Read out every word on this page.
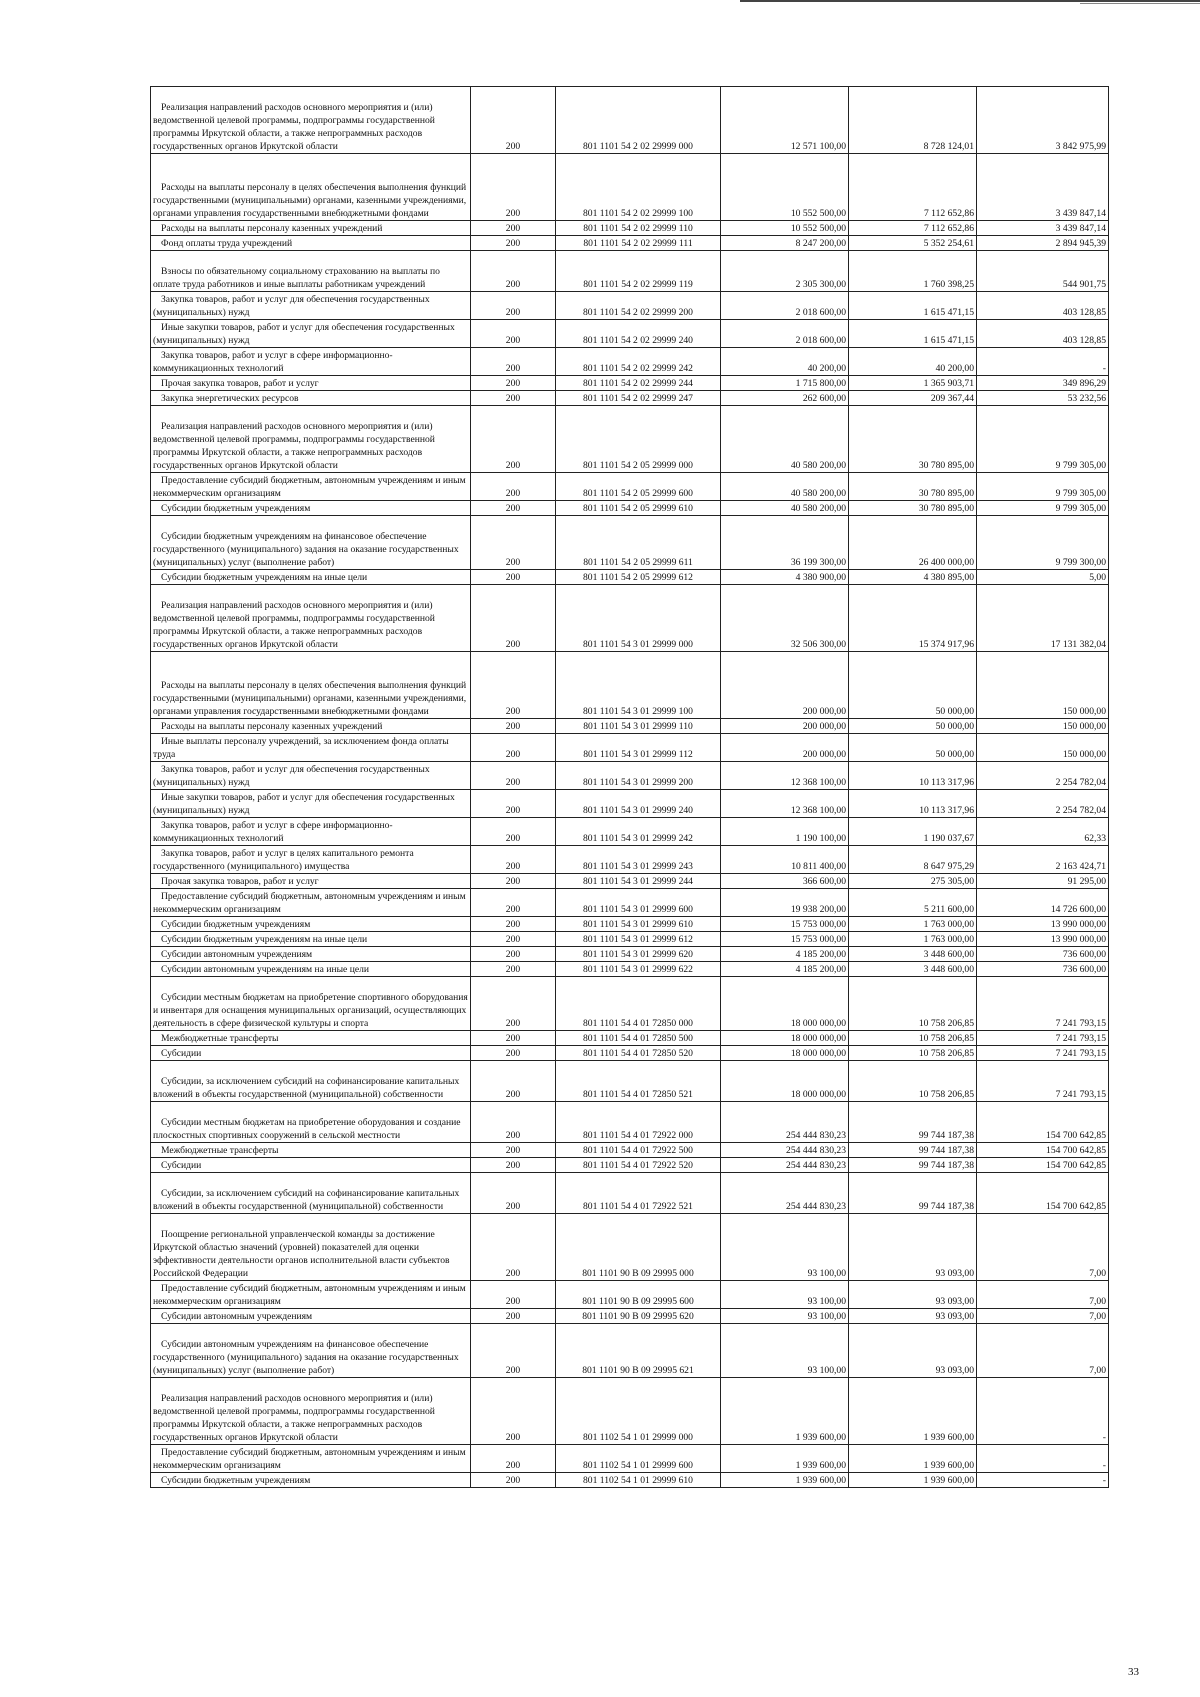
Реализация направлений расходов основного мероприятия и (или) ведомственной целевой программы, подпрограммы государственной программы Иркутской области, а также непрограммных расходов государственных органов Иркутской области	200	801 1101 54 2 02 29999 000	12 571 100,00	8 728 124,01	3 842 975,99
Расходы на выплаты персоналу в целях обеспечения выполнения функций государственными (муниципальными) органами, казенными учреждениями, органами управления государственными внебюджетными фондами	200	801 1101 54 2 02 29999 100	10 552 500,00	7 112 652,86	3 439 847,14
Расходы на выплаты персоналу казенных учреждений	200	801 1101 54 2 02 29999 110	10 552 500,00	7 112 652,86	3 439 847,14
Фонд оплаты труда учреждений	200	801 1101 54 2 02 29999 111	8 247 200,00	5 352 254,61	2 894 945,39
Взносы по обязательному социальному страхованию на выплаты по оплате труда работников и иные выплаты работникам учреждений	200	801 1101 54 2 02 29999 119	2 305 300,00	1 760 398,25	544 901,75
Закупка товаров, работ и услуг для обеспечения государственных (муниципальных) нужд	200	801 1101 54 2 02 29999 200	2 018 600,00	1 615 471,15	403 128,85
Иные закупки товаров, работ и услуг для обеспечения государственных (муниципальных) нужд	200	801 1101 54 2 02 29999 240	2 018 600,00	1 615 471,15	403 128,85
Закупка товаров, работ и услуг в сфере информационно-коммуникационных технологий	200	801 1101 54 2 02 29999 242	40 200,00	40 200,00	-
Прочая закупка товаров, работ и услуг	200	801 1101 54 2 02 29999 244	1 715 800,00	1 365 903,71	349 896,29
Закупка энергетических ресурсов	200	801 1101 54 2 02 29999 247	262 600,00	209 367,44	53 232,56
Реализация направлений расходов основного мероприятия и (или) ведомственной целевой программы, подпрограммы государственной программы Иркутской области, а также непрограммных расходов государственных органов Иркутской области	200	801 1101 54 2 05 29999 000	40 580 200,00	30 780 895,00	9 799 305,00
Предоставление субсидий бюджетным, автономным учреждениям и иным некоммерческим организациям	200	801 1101 54 2 05 29999 600	40 580 200,00	30 780 895,00	9 799 305,00
Субсидии бюджетным учреждениям	200	801 1101 54 2 05 29999 610	40 580 200,00	30 780 895,00	9 799 305,00
Субсидии бюджетным учреждениям на финансовое обеспечение государственного (муниципального) задания на оказание государственных (муниципальных) услуг (выполнение работ)	200	801 1101 54 2 05 29999 611	36 199 300,00	26 400 000,00	9 799 300,00
Субсидии бюджетным учреждениям на иные цели	200	801 1101 54 2 05 29999 612	4 380 900,00	4 380 895,00	5,00
Реализация направлений расходов основного мероприятия и (или) ведомственной целевой программы, подпрограммы государственной программы Иркутской области, а также непрограммных расходов государственных органов Иркутской области	200	801 1101 54 3 01 29999 000	32 506 300,00	15 374 917,96	17 131 382,04
Расходы на выплаты персоналу в целях обеспечения выполнения функций государственными (муниципальными) органами, казенными учреждениями, органами управления государственными внебюджетными фондами	200	801 1101 54 3 01 29999 100	200 000,00	50 000,00	150 000,00
Расходы на выплаты персоналу казенных учреждений	200	801 1101 54 3 01 29999 110	200 000,00	50 000,00	150 000,00
Иные выплаты персоналу учреждений, за исключением фонда оплаты труда	200	801 1101 54 3 01 29999 112	200 000,00	50 000,00	150 000,00
Закупка товаров, работ и услуг для обеспечения государственных (муниципальных) нужд	200	801 1101 54 3 01 29999 200	12 368 100,00	10 113 317,96	2 254 782,04
Иные закупки товаров, работ и услуг для обеспечения государственных (муниципальных) нужд	200	801 1101 54 3 01 29999 240	12 368 100,00	10 113 317,96	2 254 782,04
Закупка товаров, работ и услуг в сфере информационно-коммуникационных технологий	200	801 1101 54 3 01 29999 242	1 190 100,00	1 190 037,67	62,33
Закупка товаров, работ и услуг в целях капитального ремонта государственного (муниципального) имущества	200	801 1101 54 3 01 29999 243	10 811 400,00	8 647 975,29	2 163 424,71
Прочая закупка товаров, работ и услуг	200	801 1101 54 3 01 29999 244	366 600,00	275 305,00	91 295,00
Предоставление субсидий бюджетным, автономным учреждениям и иным некоммерческим организациям	200	801 1101 54 3 01 29999 600	19 938 200,00	5 211 600,00	14 726 600,00
Субсидии бюджетным учреждениям	200	801 1101 54 3 01 29999 610	15 753 000,00	1 763 000,00	13 990 000,00
Субсидии бюджетным учреждениям на иные цели	200	801 1101 54 3 01 29999 612	15 753 000,00	1 763 000,00	13 990 000,00
Субсидии автономным учреждениям	200	801 1101 54 3 01 29999 620	4 185 200,00	3 448 600,00	736 600,00
Субсидии автономным учреждениям на иные цели	200	801 1101 54 3 01 29999 622	4 185 200,00	3 448 600,00	736 600,00
Субсидии местным бюджетам на приобретение спортивного оборудования и инвентаря для оснащения муниципальных организаций, осуществляющих деятельность в сфере физической культуры и спорта	200	801 1101 54 4 01 72850 000	18 000 000,00	10 758 206,85	7 241 793,15
Межбюджетные трансферты	200	801 1101 54 4 01 72850 500	18 000 000,00	10 758 206,85	7 241 793,15
Субсидии	200	801 1101 54 4 01 72850 520	18 000 000,00	10 758 206,85	7 241 793,15
Субсидии, за исключением субсидий на софинансирование капитальных вложений в объекты государственной (муниципальной) собственности	200	801 1101 54 4 01 72850 521	18 000 000,00	10 758 206,85	7 241 793,15
Субсидии местным бюджетам на приобретение оборудования и создание плоскостных спортивных сооружений в сельской местности	200	801 1101 54 4 01 72922 000	254 444 830,23	99 744 187,38	154 700 642,85
Межбюджетные трансферты	200	801 1101 54 4 01 72922 500	254 444 830,23	99 744 187,38	154 700 642,85
Субсидии	200	801 1101 54 4 01 72922 520	254 444 830,23	99 744 187,38	154 700 642,85
Субсидии, за исключением субсидий на софинансирование капитальных вложений в объекты государственной (муниципальной) собственности	200	801 1101 54 4 01 72922 521	254 444 830,23	99 744 187,38	154 700 642,85
Поощрение региональной управленческой команды за достижение Иркутской областью значений (уровней) показателей для оценки эффективности деятельности органов исполнительной власти субъектов Российской Федерации	200	801 1101 90 В 09 29995 000	93 100,00	93 093,00	7,00
Предоставление субсидий бюджетным, автономным учреждениям и иным некоммерческим организациям	200	801 1101 90 В 09 29995 600	93 100,00	93 093,00	7,00
Субсидии автономным учреждениям	200	801 1101 90 В 09 29995 620	93 100,00	93 093,00	7,00
Субсидии автономным учреждениям на финансовое обеспечение государственного (муниципального) задания на оказание государственных (муниципальных) услуг (выполнение работ)	200	801 1101 90 В 09 29995 621	93 100,00	93 093,00	7,00
Реализация направлений расходов основного мероприятия и (или) ведомственной целевой программы, подпрограммы государственной программы Иркутской области, а также непрограммных расходов государственных органов Иркутской области	200	801 1102 54 1 01 29999 000	1 939 600,00	1 939 600,00	-
Предоставление субсидий бюджетным, автономным учреждениям и иным некоммерческим организациям	200	801 1102 54 1 01 29999 600	1 939 600,00	1 939 600,00	-
Субсидии бюджетным учреждениям	200	801 1102 54 1 01 29999 610	1 939 600,00	1 939 600,00	-
33
